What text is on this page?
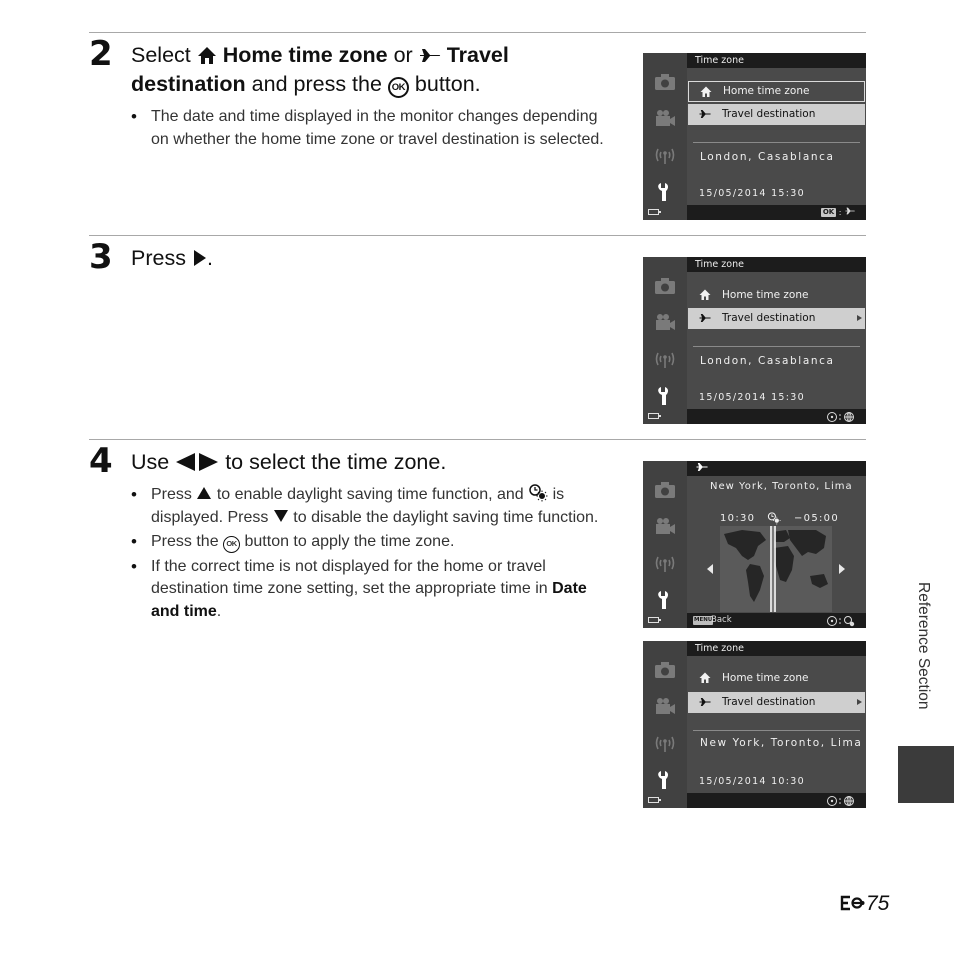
2 Select Home time zone or Travel destination and press the OK button.
• The date and time displayed in the monitor changes depending on whether the home time zone or travel destination is selected.
Time zone
Home time zone
Travel destination
London, Casablanca
15/05/2014 15:30
OK :
3 Press .	Time zone
Home time zone
Travel destination
London, Casablanca
15/05/2014 15:30
4 Use	to select the time zone.
• Press to enable daylight saving time function, and is displayed. Press to disable the daylight saving time function.
• Press the OK button to apply the time zone.
• If the correct time is not displayed for the home or travel destination time zone setting, set the appropriate time in Date and time.
New York, Toronto, Lima
10:30	−05:00
MENU
Back
Time zone
Home time zone
Travel destination
New York, Toronto, Lima
15/05/2014 10:30
Reference Section
75
